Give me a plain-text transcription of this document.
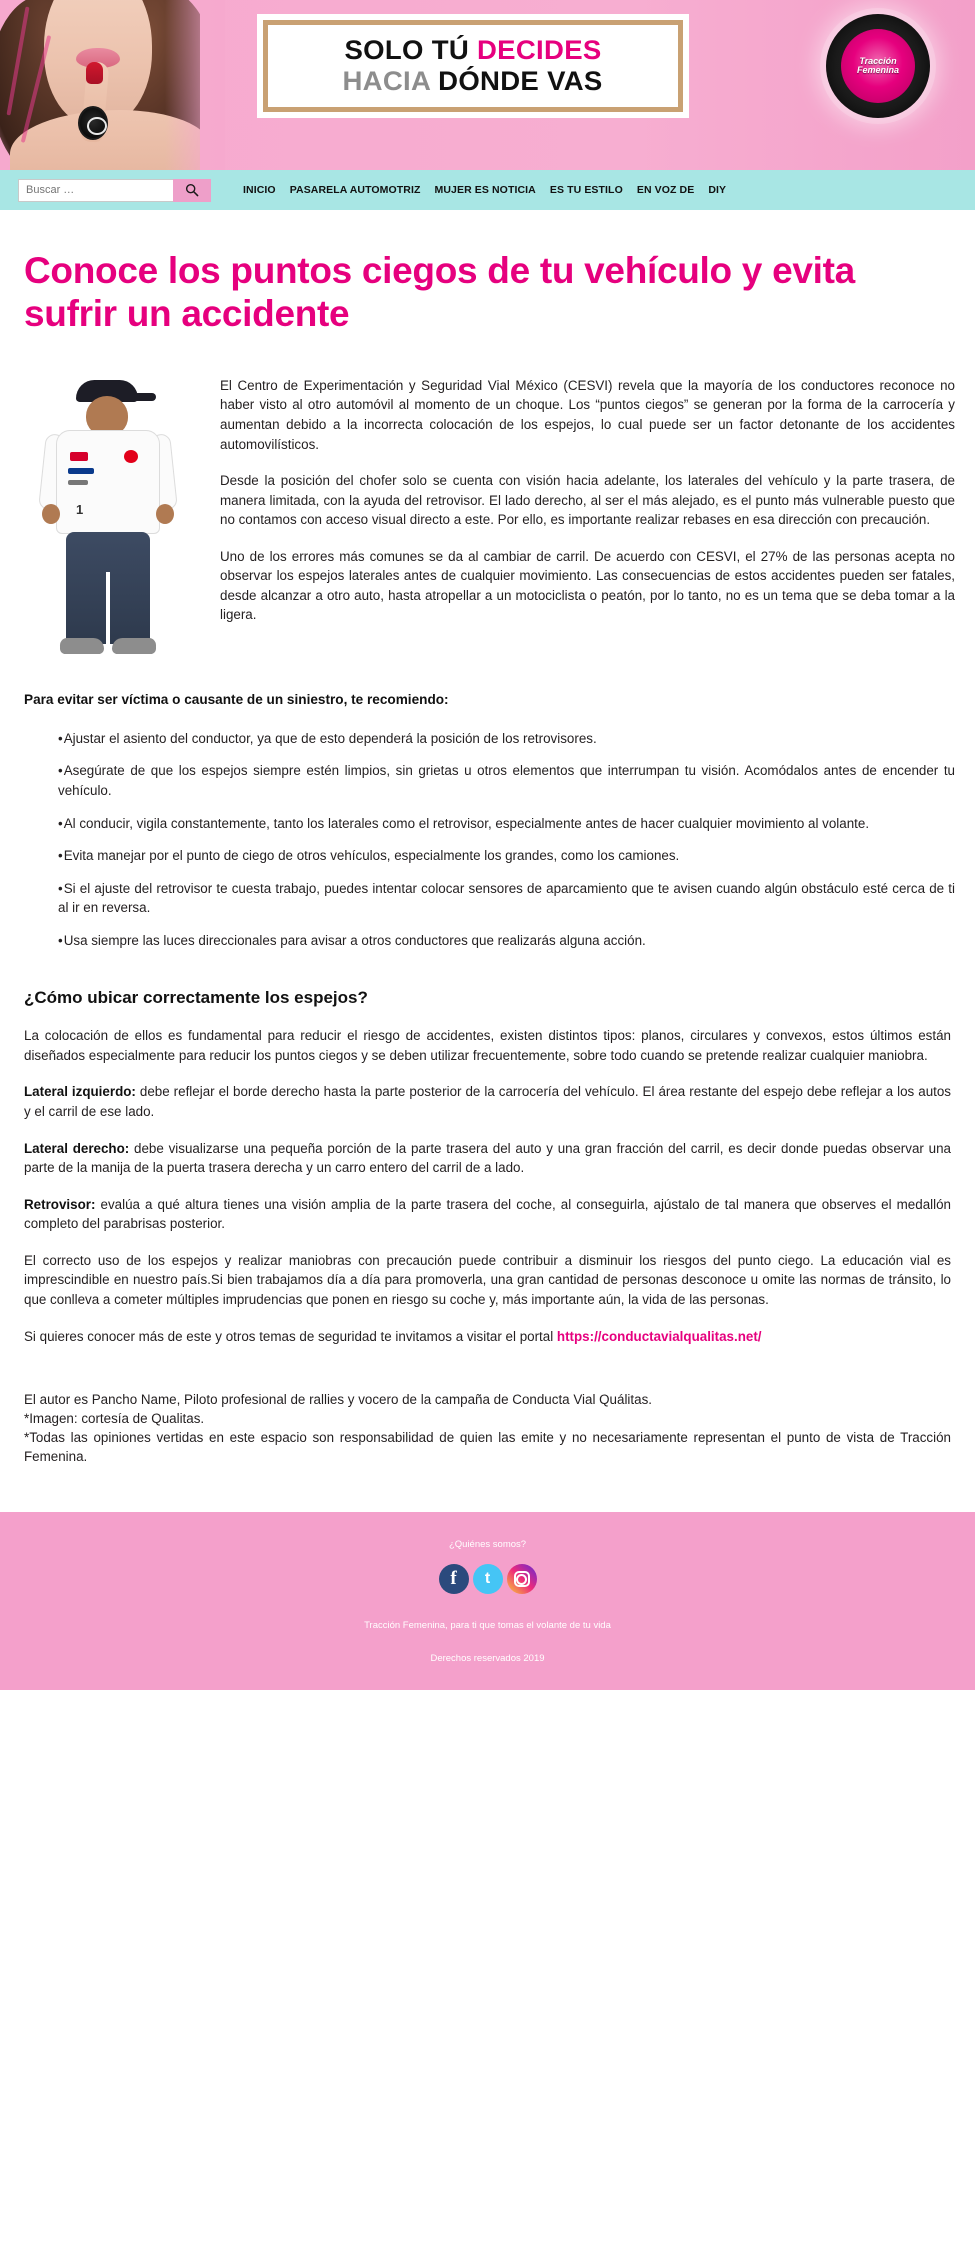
SOLO TÚ DECIDES
HACIA DÓNDE VAS
Tracción Femenina
Buscar …
INICIO	PASARELA AUTOMOTRIZ	MUJER ES NOTICIA	ES TU ESTILO	EN VOZ DE	DIY
Conoce los puntos ciegos de tu vehículo y evita sufrir un accidente
1

El Centro de Experimentación y Seguridad Vial México (CESVI) revela que la mayoría de los conductores reconoce no haber visto al otro automóvil al momento de un choque. Los “puntos ciegos” se generan por la forma de la carrocería y aumentan debido a la incorrecta colocación de los espejos, lo cual puede ser un factor detonante de los accidentes automovilísticos.

Desde la posición del chofer solo se cuenta con visión hacia adelante, los laterales del vehículo y la parte trasera, de manera limitada, con la ayuda del retrovisor. El lado derecho, al ser el más alejado, es el punto más vulnerable puesto que no contamos con acceso visual directo a este. Por ello, es importante realizar rebases en esa dirección con precaución.

Uno de los errores más comunes se da al cambiar de carril. De acuerdo con CESVI, el 27% de las personas acepta no observar los espejos laterales antes de cualquier movimiento. Las consecuencias de estos accidentes pueden ser fatales, desde alcanzar a otro auto, hasta atropellar a un motociclista o peatón, por lo tanto, no es un tema que se deba tomar a la ligera.

Para evitar ser víctima o causante de un siniestro, te recomiendo:

• Ajustar el asiento del conductor, ya que de esto dependerá la posición de los retrovisores.
• Asegúrate de que los espejos siempre estén limpios, sin grietas u otros elementos que interrumpan tu visión. Acomódalos antes de encender tu vehículo.
• Al conducir, vigila constantemente, tanto los laterales como el retrovisor, especialmente antes de hacer cualquier movimiento al volante.
• Evita manejar por el punto de ciego de otros vehículos, especialmente los grandes, como los camiones.
• Si el ajuste del retrovisor te cuesta trabajo, puedes intentar colocar sensores de aparcamiento que te avisen cuando algún obstáculo esté cerca de ti al ir en reversa.
• Usa siempre las luces direccionales para avisar a otros conductores que realizarás alguna acción.
¿Cómo ubicar correctamente los espejos?

La colocación de ellos es fundamental para reducir el riesgo de accidentes, existen distintos tipos: planos, circulares y convexos, estos últimos están diseñados especialmente para reducir los puntos ciegos y se deben utilizar frecuentemente, sobre todo cuando se pretende realizar cualquier maniobra.

Lateral izquierdo: debe reflejar el borde derecho hasta la parte posterior de la carrocería del vehículo. El área restante del espejo debe reflejar a los autos y el carril de ese lado.

Lateral derecho: debe visualizarse una pequeña porción de la parte trasera del auto y una gran fracción del carril, es decir donde puedas observar una parte de la manija de la puerta trasera derecha y un carro entero del carril de a lado.

Retrovisor: evalúa a qué altura tienes una visión amplia de la parte trasera del coche, al conseguirla, ajústalo de tal manera que observes el medallón completo del parabrisas posterior.

El correcto uso de los espejos y realizar maniobras con precaución puede contribuir a disminuir los riesgos del punto ciego. La educación vial es imprescindible en nuestro país.Si bien trabajamos día a día para promoverla, una gran cantidad de personas desconoce u omite las normas de tránsito, lo que conlleva a cometer múltiples imprudencias que ponen en riesgo su coche y, más importante aún, la vida de las personas.

Si quieres conocer más de este y otros temas de seguridad te invitamos a visitar el portal https://conductavialqualitas.net/

El autor es Pancho Name, Piloto profesional de rallies y vocero de la campaña de Conducta Vial Quálitas.

*Imagen: cortesía de Qualitas.

*Todas las opiniones vertidas en este espacio son responsabilidad de quien las emite y no necesariamente representan el punto de vista de Tracción Femenina.

¿Quiénes somos?
f t

Tracción Femenina, para ti que tomas el volante de tu vida

Derechos reservados 2019
